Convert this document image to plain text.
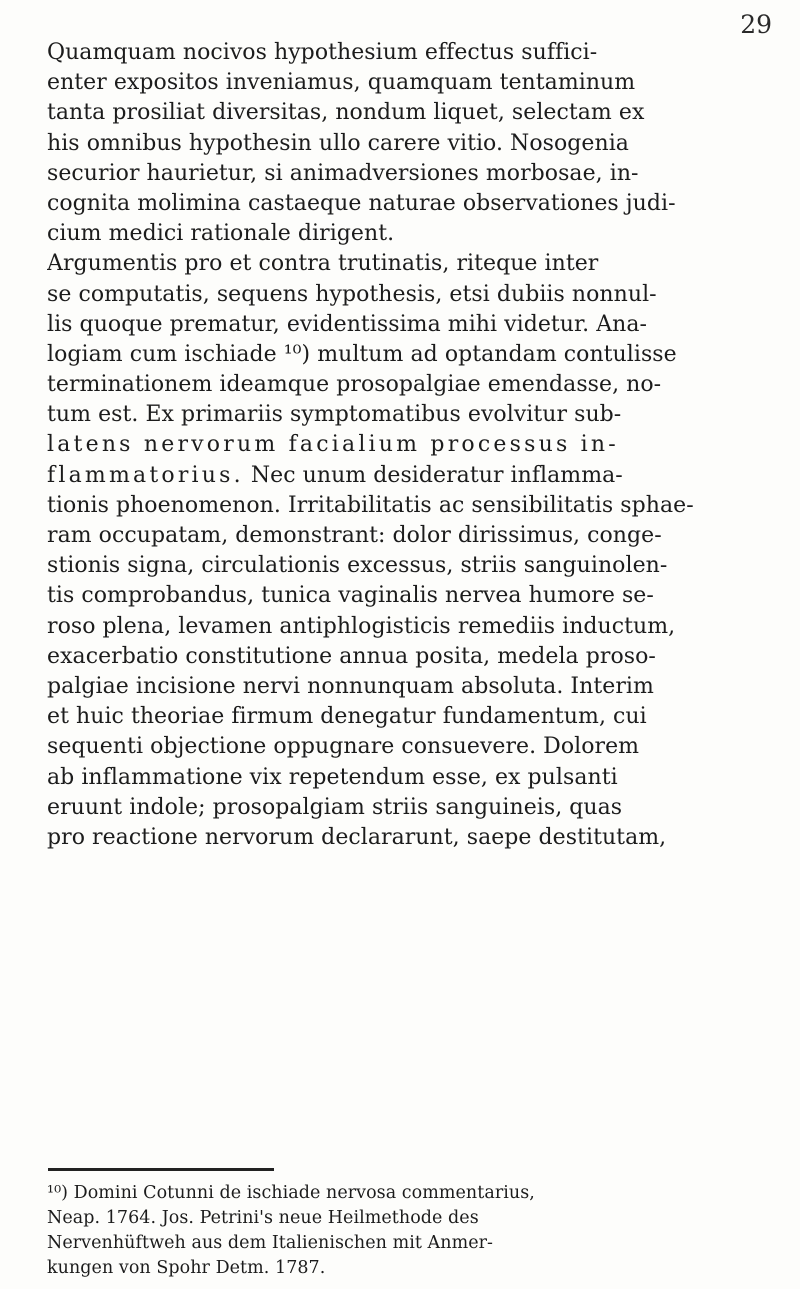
29
Quamquam nocivos hypothesium effectus suffici-
enter expositos inveniamus, quamquam tentaminum
tanta prosiliat diversitas, nondum liquet, selectam ex
his omnibus hypothesin ullo carere vitio. Nosogenia
securior haurietur, si animadversiones morbosae, in-
cognita molimina castaeque naturae observationes judi-
cium medici rationale dirigent.
Argumentis pro et contra trutinatis, riteque inter
se computatis, sequens hypothesis, etsi dubiis nonnul-
lis quoque prematur, evidentissima mihi videtur. Ana-
logiam cum ischiade ¹⁰) multum ad optandam contulisse
terminationem ideamque prosopalgiae emendasse, no-
tum est. Ex primariis symptomatibus evolvitur sub-
latens nervorum facialium processus in-
flammatorius. Nec unum desideratur inflamma-
tionis phoenomenon. Irritabilitatis ac sensibilitatis sphae-
ram occupatam, demonstrant: dolor dirissimus, conge-
stionis signa, circulationis excessus, striis sanguinolen-
tis comprobandus, tunica vaginalis nervea humore se-
roso plena, levamen antiphlogisticis remediis inductum,
exacerbatio constitutione annua posita, medela proso-
palgiae incisione nervi nonnunquam absoluta. Interim
et huic theoriae firmum denegatur fundamentum, cui
sequenti objectione oppugnare consuevere. Dolorem
ab inflammatione vix repetendum esse, ex pulsanti
eruunt indole; prosopalgiam striis sanguineis, quas
pro reactione nervorum declararunt, saepe destitutam,
¹⁰) Domini Cotunni de ischiade nervosa commentarius,
Neap. 1764. Jos. Petrini's neue Heilmethode des
Nervenhüftweh aus dem Italienischen mit Anmer-
kungen von Spohr Detm. 1787.
